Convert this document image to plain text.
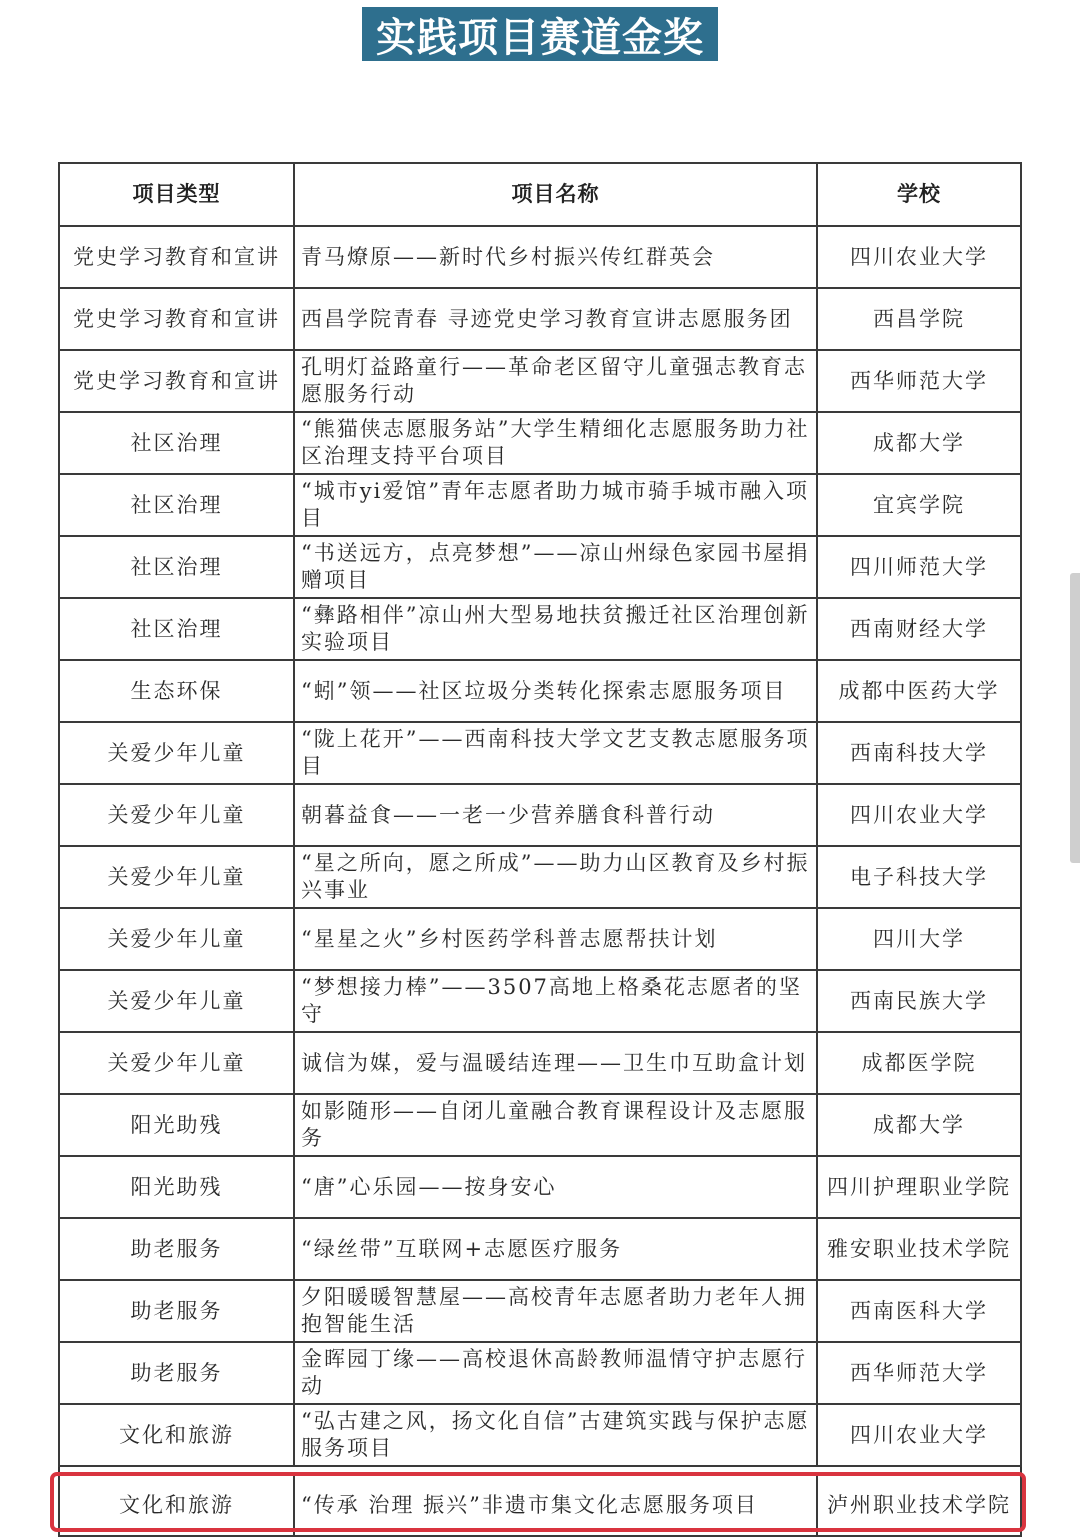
实践项目赛道金奖
项目类型	项目名称	学校
党史学习教育和宣讲	青马燎原——新时代乡村振兴传红群英会	四川农业大学
党史学习教育和宣讲	西昌学院青春 寻迹党史学习教育宣讲志愿服务团	西昌学院
党史学习教育和宣讲	孔明灯益路童行——革命老区留守儿童强志教育志愿服务行动	西华师范大学
社区治理	“熊猫侠志愿服务站”大学生精细化志愿服务助力社区治理支持平台项目	成都大学
社区治理	“城市yi爱馆”青年志愿者助力城市骑手城市融入项目	宜宾学院
社区治理	“书送远方，点亮梦想”——凉山州绿色家园书屋捐赠项目	四川师范大学
社区治理	“彝路相伴”凉山州大型易地扶贫搬迁社区治理创新实验项目	西南财经大学
生态环保	“蚓”领——社区垃圾分类转化探索志愿服务项目	成都中医药大学
关爱少年儿童	“陇上花开”——西南科技大学文艺支教志愿服务项目	西南科技大学
关爱少年儿童	朝暮益食——一老一少营养膳食科普行动	四川农业大学
关爱少年儿童	“星之所向，愿之所成”——助力山区教育及乡村振兴事业	电子科技大学
关爱少年儿童	“星星之火”乡村医药学科普志愿帮扶计划	四川大学
关爱少年儿童	“梦想接力棒”——3507高地上格桑花志愿者的坚守	西南民族大学
关爱少年儿童	诚信为媒，爱与温暖结连理——卫生巾互助盒计划	成都医学院
阳光助残	如影随形——自闭儿童融合教育课程设计及志愿服务	成都大学
阳光助残	“唐”心乐园——按身安心	四川护理职业学院
助老服务	“绿丝带”互联网+志愿医疗服务	雅安职业技术学院
助老服务	夕阳暖暖智慧屋——高校青年志愿者助力老年人拥抱智能生活	西南医科大学
助老服务	金晖园丁缘——高校退休高龄教师温情守护志愿行动	西华师范大学
文化和旅游	“弘古建之风，扬文化自信”古建筑实践与保护志愿服务项目	四川农业大学

文化和旅游	“传承 治理 振兴”非遗市集文化志愿服务项目	泸州职业技术学院
